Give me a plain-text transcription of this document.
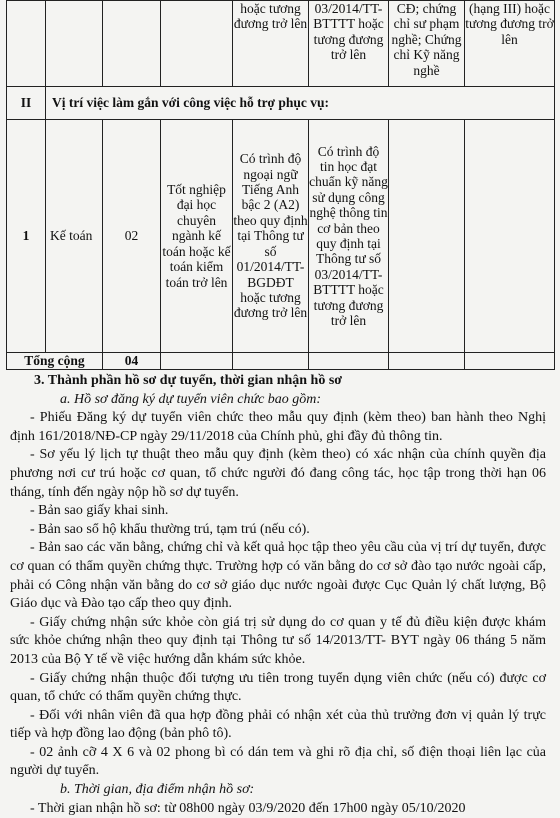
				hoặc tương đương trở lên	03/2014/TT-BTTTT hoặc tương đương trở lên	CĐ; chứng chỉ sư phạm nghề; Chứng chỉ Kỹ năng nghề	(hạng III) hoặc tương đương trở lên
II	Vị trí việc làm gắn với công việc hỗ trợ phục vụ:						
1	Kế toán	02	Tốt nghiệp đại học chuyên ngành kế toán hoặc kế toán kiểm toán trở lên	Có trình độ ngoại ngữ Tiếng Anh bậc 2 (A2) theo quy định tại Thông tư số 01/2014/TT-BGDĐT hoặc tương đương trở lên	Có trình độ tin học đạt chuẩn kỹ năng sử dụng công nghệ thông tin cơ bản theo quy định tại Thông tư số 03/2014/TT-BTTTT hoặc tương đương trở lên		
Tổng cộng		04					

3. Thành phần hồ sơ dự tuyển, thời gian nhận hồ sơ

a. Hồ sơ đăng ký dự tuyển viên chức bao gồm:

- Phiếu Đăng ký dự tuyển viên chức theo mẫu quy định (kèm theo) ban hành theo Nghị định 161/2018/NĐ-CP ngày 29/11/2018 của Chính phủ, ghi đầy đủ thông tin.

- Sơ yếu lý lịch tự thuật theo mẫu quy định (kèm theo) có xác nhận của chính quyền địa phương nơi cư trú hoặc cơ quan, tổ chức người đó đang công tác, học tập trong thời hạn 06 tháng, tính đến ngày nộp hồ sơ dự tuyển.

- Bản sao giấy khai sinh.

- Bản sao sổ hộ khẩu thường trú, tạm trú (nếu có).

- Bản sao các văn bằng, chứng chỉ và kết quả học tập theo yêu cầu của vị trí dự tuyển, được cơ quan có thẩm quyền chứng thực. Trường hợp có văn bằng do cơ sở đào tạo nước ngoài cấp, phải có Công nhận văn bằng do cơ sở giáo dục nước ngoài được Cục Quản lý chất lượng, Bộ Giáo dục và Đào tạo cấp theo quy định.

- Giấy chứng nhận sức khỏe còn giá trị sử dụng do cơ quan y tế đủ điều kiện được khám sức khỏe chứng nhận theo quy định tại Thông tư số 14/2013/TT- BYT ngày 06 tháng 5 năm 2013 của Bộ Y tế về việc hướng dẫn khám sức khỏe.

- Giấy chứng nhận thuộc đối tượng ưu tiên trong tuyển dụng viên chức (nếu có) được cơ quan, tổ chức có thẩm quyền chứng thực.

- Đối với nhân viên đã qua hợp đồng phải có nhận xét của thủ trưởng đơn vị quản lý trực tiếp và hợp đồng lao động (bản phô tô).

- 02 ảnh cỡ 4 X 6 và 02 phong bì có dán tem và ghi rõ địa chỉ, số điện thoại liên lạc của người dự tuyển.

b. Thời gian, địa điểm nhận hồ sơ:

- Thời gian nhận hồ sơ: từ 08h00 ngày 03/9/2020 đến 17h00 ngày 05/10/2020
